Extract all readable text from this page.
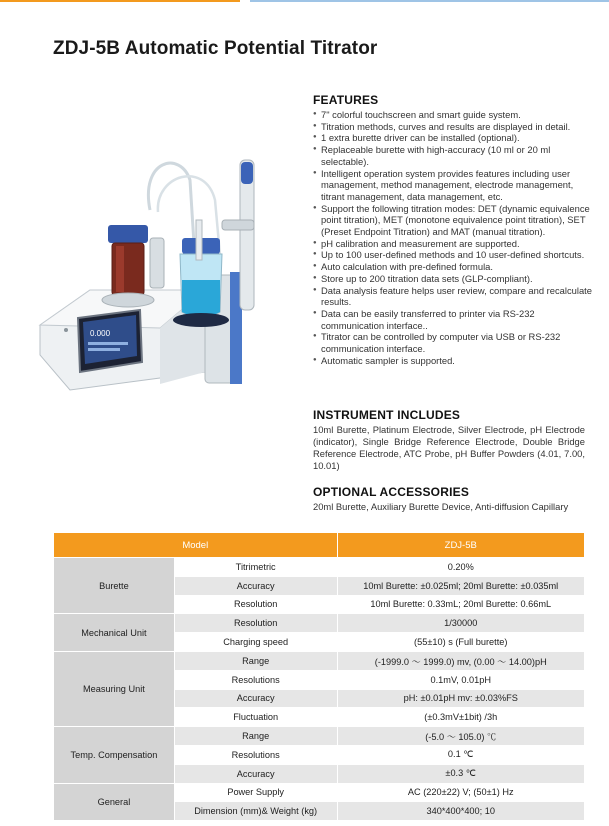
ZDJ-5B Automatic Potential Titrator
0.000
FEATURES
● 7" colorful touchscreen and smart guide system.
● Titration methods, curves and results are displayed in detail.
● 1 extra burette driver can be installed (optional).
● Replaceable burette with high-accuracy (10 ml or 20 ml selectable).
● Intelligent operation system provides features including user management, method management, electrode management, titrant management, data management, etc.
● Support the following titration modes: DET (dynamic equivalence point titration), MET (monotone equivalence point titration), SET (Preset Endpoint Titration) and MAT (manual titration).
● pH calibration and measurement are supported.
● Up to 100 user-defined methods and 10 user-defined shortcuts.
● Auto calculation with pre-defined formula.
● Store up to 200 titration data sets (GLP-compliant).
● Data analysis feature helps user review, compare and recalculate results.
● Data can be easily transferred to printer via RS-232 communication interface..
● Titrator can be controlled by computer via USB or RS-232 communication interface.
● Automatic sampler is supported.
INSTRUMENT INCLUDES

10ml Burette, Platinum Electrode, Silver Electrode, pH Electrode (indicator), Single Bridge Reference Electrode, Double Bridge Reference Electrode, ATC Probe, pH Buffer Powders (4.01, 7.00, 10.01)

OPTIONAL ACCESSORIES

20ml Burette, Auxiliary Burette Device, Anti-diffusion Capillary

Model		ZDJ-5B
Burette	Titrimetric	0.20%
	Accuracy	10ml Burette: ±0.025ml; 20ml Burette: ±0.035ml
	Resolution	10ml Burette: 0.33mL; 20ml Burette: 0.66mL
Mechanical Unit	Resolution	1/30000
	Charging speed	(55±10) s (Full burette)
Measuring Unit	Range	(-1999.0 ～ 1999.0) mv, (0.00 ～ 14.00)pH
	Resolutions	0.1mV, 0.01pH
	Accuracy	pH: ±0.01pH mv: ±0.03%FS
	Fluctuation	(±0.3mV±1bit) /3h
Temp. Compensation	Range	(-5.0 ～ 105.0) ℃
	Resolutions	0.1 ℃
	Accuracy	±0.3 ℃
General	Power Supply	AC (220±22) V; (50±1) Hz
	Dimension (mm)& Weight (kg)	340*400*400; 10
